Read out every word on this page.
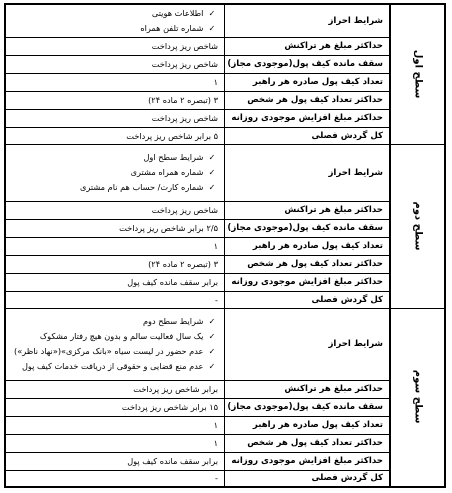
سطح اول	شرایط احراز	✓ اطلاعات هویتی
✓ شماره تلفن همراه

	حداکثر مبلغ هر تراکنش	شاخص ریز پرداخت
	سقف مانده کیف پول(موجودی مجاز)	شاخص ریز پرداخت
	تعداد کیف پول صادره هر راهبر	۱
	حداکثر تعداد کیف پول هر شخص	۳ (تبصره ۲ ماده ۲۴)
	حداکثر مبلغ افزایش موجودی روزانه	شاخص ریز پرداخت
	کل گردش فصلی	۵ برابر شاخص ریز پرداخت

سطح دوم	شرایط احراز	✓ شرایط سطح اول
✓ شماره همراه مشتری
✓ شماره کارت/ حساب هم نام مشتری

	حداکثر مبلغ هر تراکنش	شاخص ریز پرداخت
	سقف مانده کیف پول(موجودی مجاز)	۲/۵ برابر شاخص ریز پرداخت
	تعداد کیف پول صادره هر راهبر	۱
	حداکثر تعداد کیف پول هر شخص	۳ (تبصره ۲ ماده ۲۴)
	حداکثر مبلغ افزایش موجودی روزانه	برابر سقف مانده کیف پول
	کل گردش فصلی	-

سطح سوم	شرایط احراز	✓ شرایط سطح دوم
✓ یک سال فعالیت سالم و بدون هیچ رفتار مشکوک
✓ عدم حضور در لیست سیاه «بانک مرکزی»(«نهاد ناظر»)
✓ عدم منع قضایی و حقوقی از دریافت خدمات کیف پول

	حداکثر مبلغ هر تراکنش	برابر شاخص ریز پرداخت
	سقف مانده کیف پول(موجودی مجاز)	۱۵ برابر شاخص ریز پرداخت
	تعداد کیف پول صادره هر راهبر	۱
	حداکثر تعداد کیف پول هر شخص	۱
	حداکثر مبلغ افزایش موجودی روزانه	برابر سقف مانده کیف پول
	کل گردش فصلی	-
